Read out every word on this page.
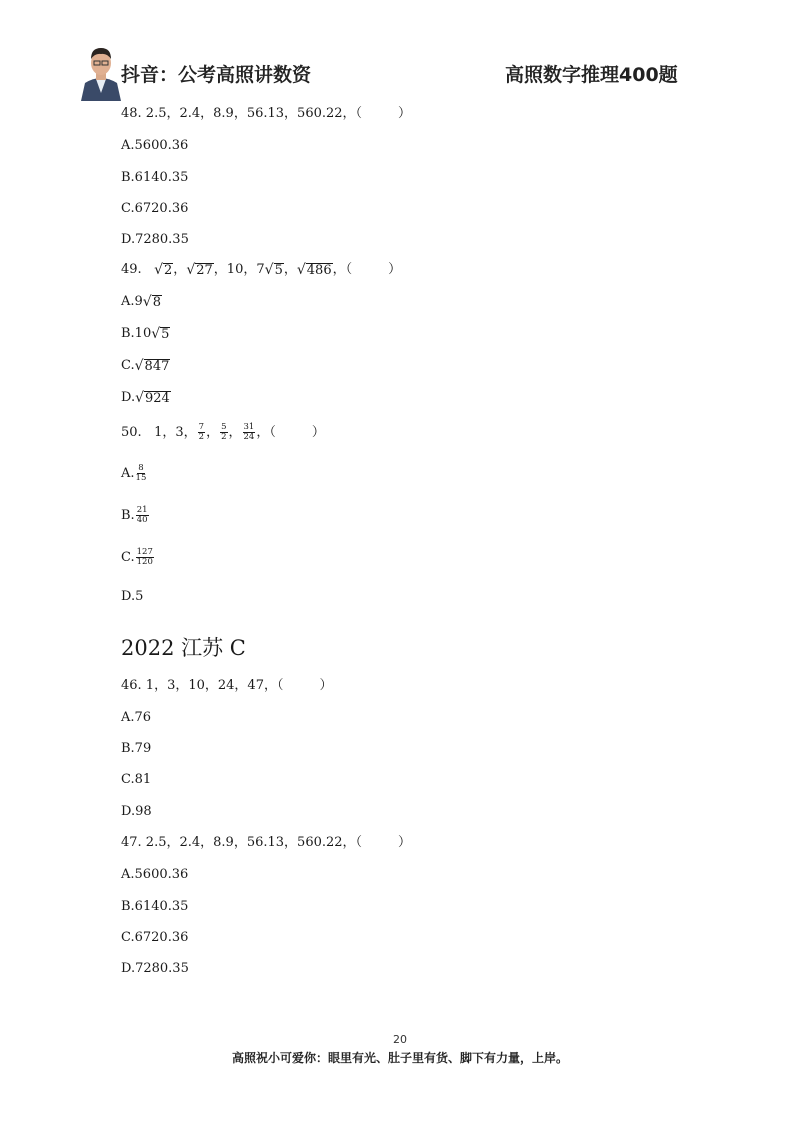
抖音：公考高照讲数资	高照数字推理400题
48. 2.5，2.4，8.9，56.13，560.22，（	）
A.5600.36
B.6140.35
C.6720.36
D.7280.35
49.
√ 2 ， √ 27 ， 10 ， 7 √ 5 ， √ 486 ，（	）
A.9 √ 8
B.10 √ 5
C. √ 847
D. √ 924
50.
1，3， $\frac{7}{2}$ ， $\frac{5}{2}$ ， $\frac{31}{24}$ ，（	）
A. $\frac{8}{15}$
B. $\frac{21}{40}$
C. $\frac{127}{120}$
D.5
2022 江苏 C
46. 1，3，10，24，47，（	）
A.76
B.79
C.81
D.98
47. 2.5，2.4，8.9，56.13，560.22，（	）
A.5600.36
B.6140.35
C.6720.36
D.7280.35
20
高照祝小可爱你：眼里有光、肚子里有货、脚下有力量，上岸。
